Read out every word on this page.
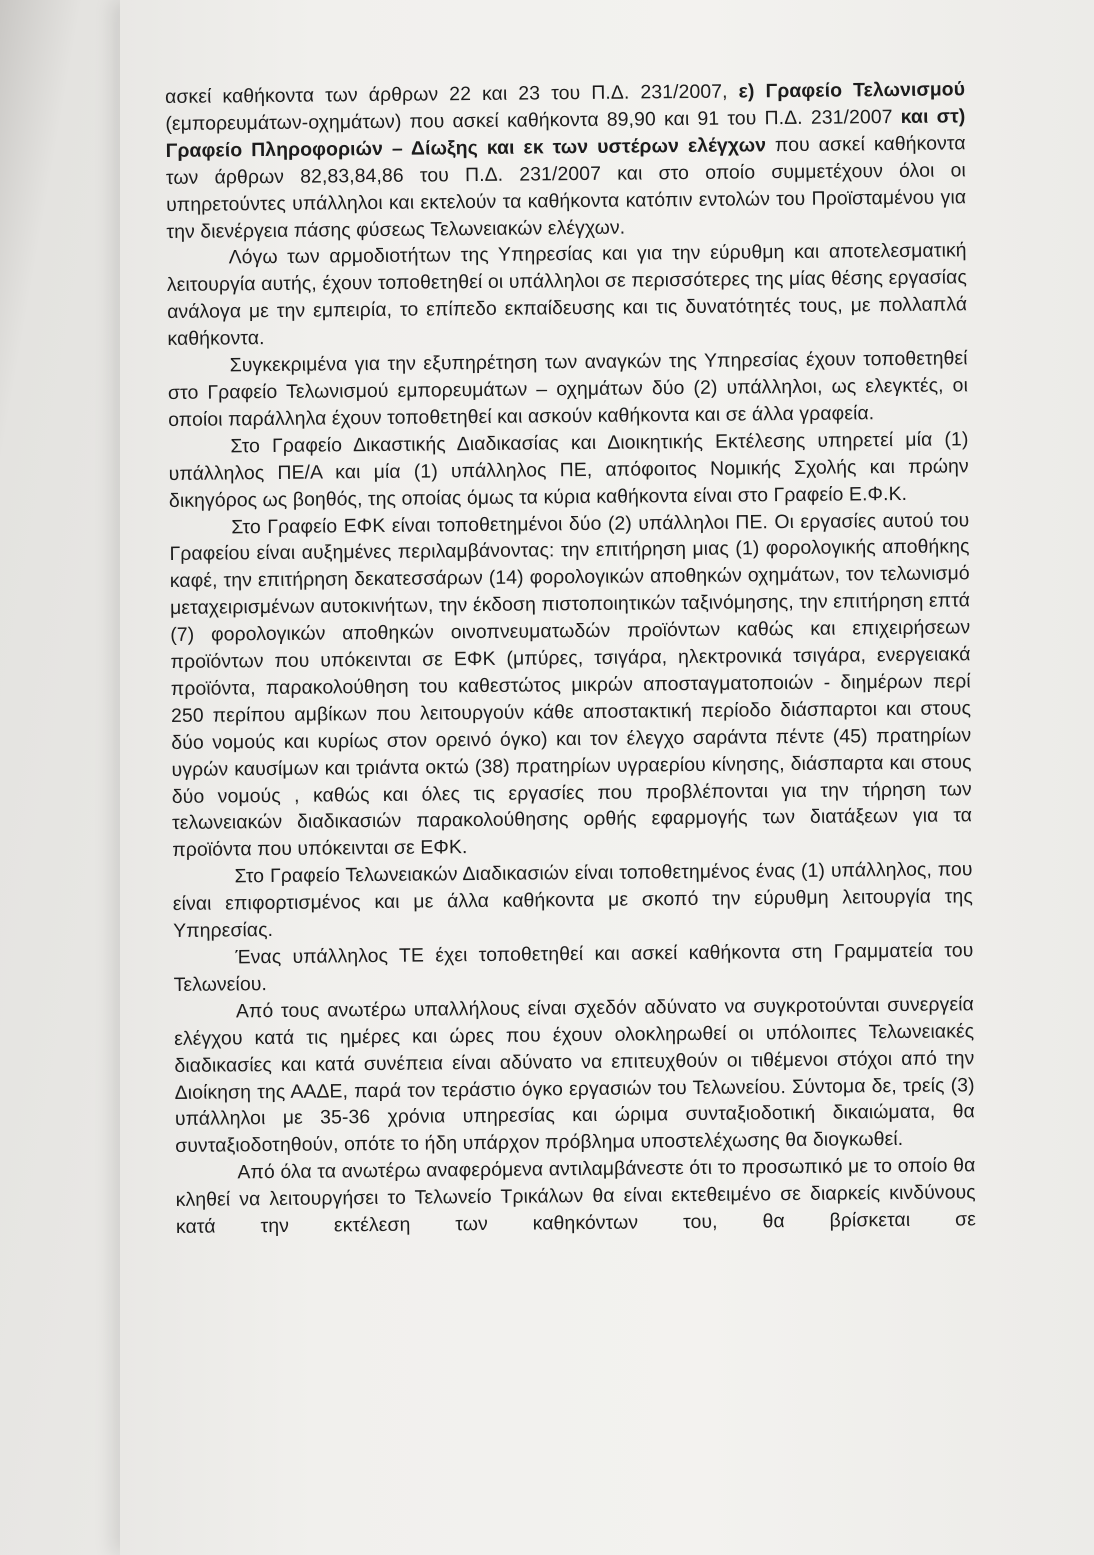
ασκεί καθήκοντα των άρθρων 22 και 23 του Π.Δ. 231/2007, ε) Γραφείο Τελωνισμού (εμπορευμάτων-οχημάτων) που ασκεί καθήκοντα 89,90 και 91 του Π.Δ. 231/2007 και στ) Γραφείο Πληροφοριών – Δίωξης και εκ των υστέρων ελέγχων που ασκεί καθήκοντα των άρθρων 82,83,84,86 του Π.Δ. 231/2007 και στο οποίο συμμετέχουν όλοι οι υπηρετούντες υπάλληλοι και εκτελούν τα καθήκοντα κατόπιν εντολών του Προϊσταμένου για την διενέργεια πάσης φύσεως Τελωνειακών ελέγχων.

Λόγω των αρμοδιοτήτων της Υπηρεσίας και για την εύρυθμη και αποτελεσματική λειτουργία αυτής, έχουν τοποθετηθεί οι υπάλληλοι σε περισσότερες της μίας θέσης εργασίας ανάλογα με την εμπειρία, το επίπεδο εκπαίδευσης και τις δυνατότητές τους, με πολλαπλά καθήκοντα.

Συγκεκριμένα για την εξυπηρέτηση των αναγκών της Υπηρεσίας έχουν τοποθετηθεί στο Γραφείο Τελωνισμού εμπορευμάτων – οχημάτων δύο (2) υπάλληλοι, ως ελεγκτές, οι οποίοι παράλληλα έχουν τοποθετηθεί και ασκούν καθήκοντα και σε άλλα γραφεία.

Στο Γραφείο Δικαστικής Διαδικασίας και Διοικητικής Εκτέλεσης υπηρετεί μία (1) υπάλληλος ΠΕ/Α και μία (1) υπάλληλος ΠΕ, απόφοιτος Νομικής Σχολής και πρώην δικηγόρος ως βοηθός, της οποίας όμως τα κύρια καθήκοντα είναι στο Γραφείο Ε.Φ.Κ.

Στο Γραφείο ΕΦΚ είναι τοποθετημένοι δύο (2) υπάλληλοι ΠΕ. Οι εργασίες αυτού του Γραφείου είναι αυξημένες περιλαμβάνοντας: την επιτήρηση μιας (1) φορολογικής αποθήκης καφέ, την επιτήρηση δεκατεσσάρων (14) φορολογικών αποθηκών οχημάτων, τον τελωνισμό μεταχειρισμένων αυτοκινήτων, την έκδοση πιστοποιητικών ταξινόμησης, την επιτήρηση επτά (7) φορολογικών αποθηκών οινοπνευματωδών προϊόντων καθώς και επιχειρήσεων προϊόντων που υπόκεινται σε ΕΦΚ (μπύρες, τσιγάρα, ηλεκτρονικά τσιγάρα, ενεργειακά προϊόντα, παρακολούθηση του καθεστώτος μικρών αποσταγματοποιών - διημέρων περί 250 περίπου αμβίκων που λειτουργούν κάθε αποστακτική περίοδο διάσπαρτοι και στους δύο νομούς και κυρίως στον ορεινό όγκο) και τον έλεγχο σαράντα πέντε (45) πρατηρίων υγρών καυσίμων και τριάντα οκτώ (38) πρατηρίων υγραερίου κίνησης, διάσπαρτα και στους δύο νομούς , καθώς και όλες τις εργασίες που προβλέπονται για την τήρηση των τελωνειακών διαδικασιών παρακολούθησης ορθής εφαρμογής των διατάξεων για τα προϊόντα που υπόκεινται σε ΕΦΚ.

Στο Γραφείο Τελωνειακών Διαδικασιών είναι τοποθετημένος ένας (1) υπάλληλος, που είναι επιφορτισμένος και με άλλα καθήκοντα με σκοπό την εύρυθμη λειτουργία της Υπηρεσίας.

Ένας υπάλληλος ΤΕ έχει τοποθετηθεί και ασκεί καθήκοντα στη Γραμματεία του Τελωνείου.

Από τους ανωτέρω υπαλλήλους είναι σχεδόν αδύνατο να συγκροτούνται συνεργεία ελέγχου κατά τις ημέρες και ώρες που έχουν ολοκληρωθεί οι υπόλοιπες Τελωνειακές διαδικασίες και κατά συνέπεια είναι αδύνατο να επιτευχθούν οι τιθέμενοι στόχοι από την Διοίκηση της ΑΑΔΕ, παρά τον τεράστιο όγκο εργασιών του Τελωνείου. Σύντομα δε, τρείς (3) υπάλληλοι με 35-36 χρόνια υπηρεσίας και ώριμα συνταξιοδοτική δικαιώματα, θα συνταξιοδοτηθούν, οπότε το ήδη υπάρχον πρόβλημα υποστελέχωσης θα διογκωθεί.

Από όλα τα ανωτέρω αναφερόμενα αντιλαμβάνεστε ότι το προσωπικό με το οποίο θα κληθεί να λειτουργήσει το Τελωνείο Τρικάλων θα είναι εκτεθειμένο σε διαρκείς κινδύνους κατά την εκτέλεση των καθηκόντων του, θα βρίσκεται σε
